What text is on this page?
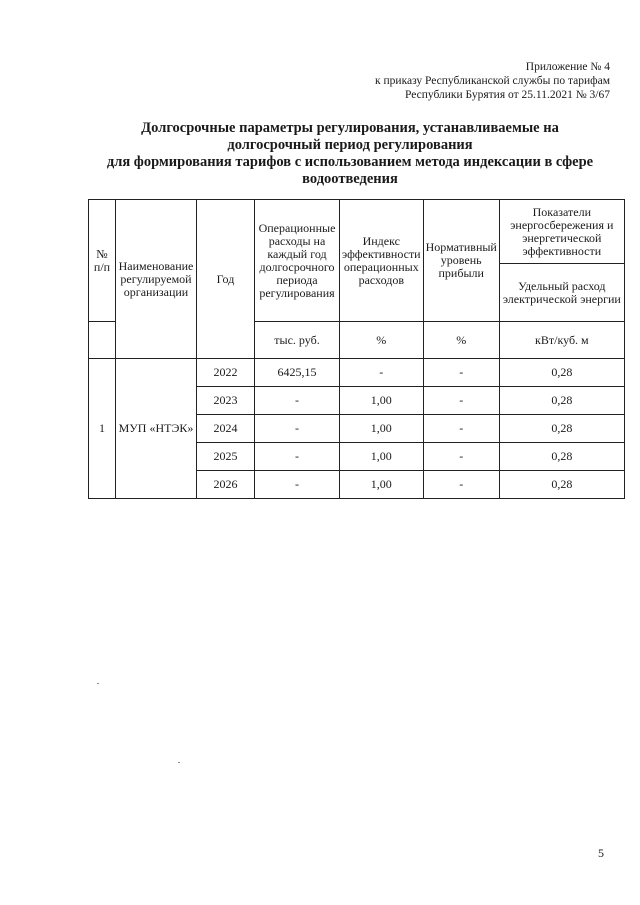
Приложение № 4
к приказу Республиканской службы по тарифам
Республики Бурятия от 25.11.2021 № 3/67
Долгосрочные параметры регулирования, устанавливаемые на
долгосрочный период регулирования
для формирования тарифов с использованием метода индексации в сфере
водоотведения
№ п/п	Наименование регулируемой организации	Год	Операционные расходы на каждый год долгосрочного периода регулирования	Индекс эффективности операционных расходов	Нормативный уровень прибыли	Показатели энергосбережения и энергетической эффективности
						Удельный расход электрической энергии
			тыс. руб.	%	%	кВт/куб. м
1	МУП «НТЭК»	2022	6425,15	-	-	0,28
		2023	-	1,00	-	0,28
		2024	-	1,00	-	0,28
		2025	-	1,00	-	0,28
		2026	-	1,00	-	0,28
5
